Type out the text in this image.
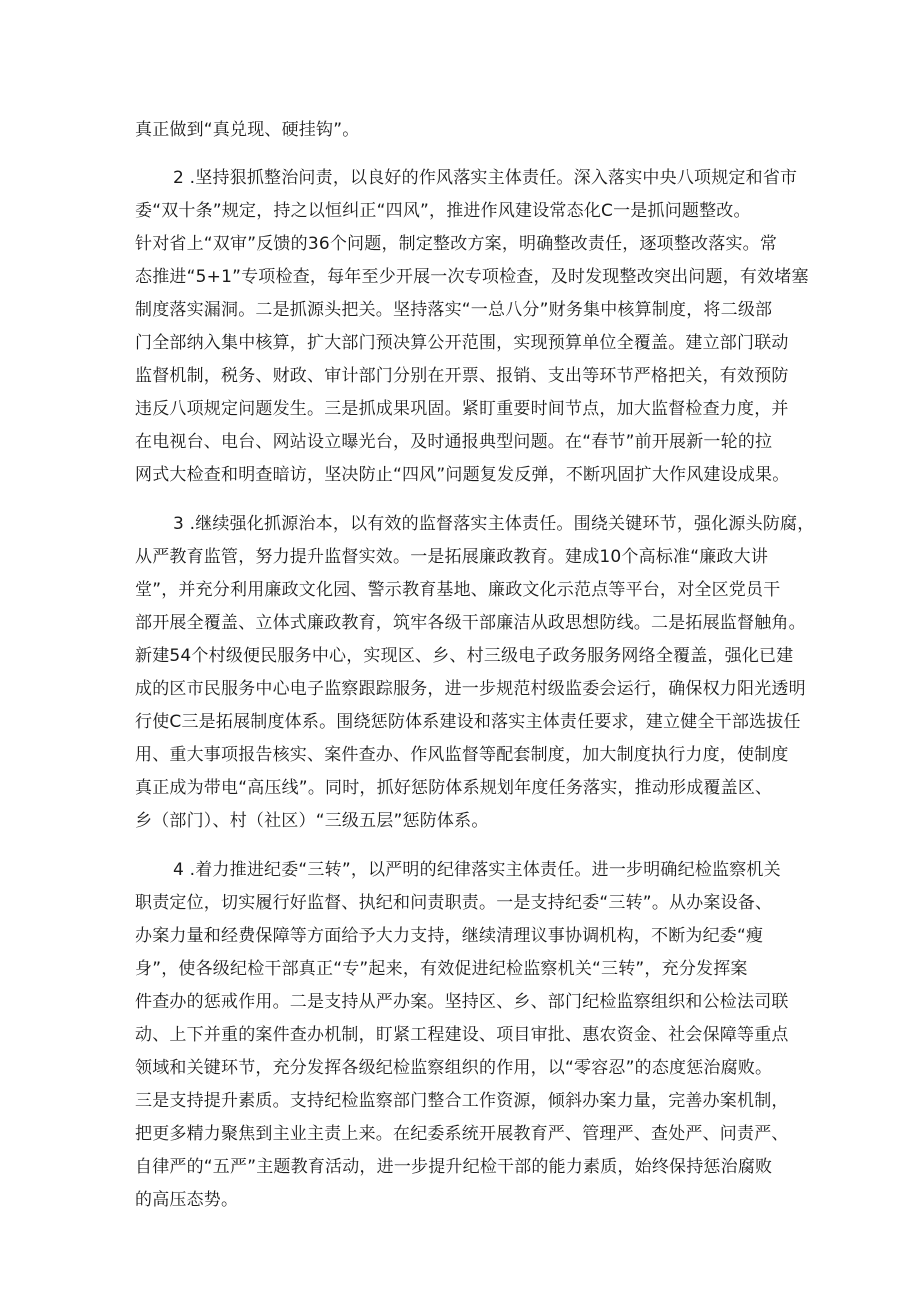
真正做到“真兑现、硬挂钩”。
2 .坚持狠抓整治问责，以良好的作风落实主体责任。深入落实中央八项规定和省市
委“双十条”规定，持之以恒纠正“四风”，推进作风建设常态化C一是抓问题整改。
针对省上“双审”反馈的36个问题，制定整改方案，明确整改责任，逐项整改落实。常
态推进“5+1”专项检查，每年至少开展一次专项检查，及时发现整改突出问题，有效堵塞
制度落实漏洞。二是抓源头把关。坚持落实“一总八分”财务集中核算制度，将二级部
门全部纳入集中核算，扩大部门预决算公开范围，实现预算单位全覆盖。建立部门联动
监督机制，税务、财政、审计部门分别在开票、报销、支出等环节严格把关，有效预防
违反八项规定问题发生。三是抓成果巩固。紧盯重要时间节点，加大监督检查力度，并
在电视台、电台、网站设立曝光台，及时通报典型问题。在“春节”前开展新一轮的拉
网式大检查和明查暗访，坚决防止“四风”问题复发反弹，不断巩固扩大作风建设成果。
3 .继续强化抓源治本，以有效的监督落实主体责任。围绕关键环节，强化源头防腐，
从严教育监管，努力提升监督实效。一是拓展廉政教育。建成10个高标准“廉政大讲
堂”，并充分利用廉政文化园、警示教育基地、廉政文化示范点等平台，对全区党员干
部开展全覆盖、立体式廉政教育，筑牢各级干部廉洁从政思想防线。二是拓展监督触角。
新建54个村级便民服务中心，实现区、乡、村三级电子政务服务网络全覆盖，强化已建
成的区市民服务中心电子监察跟踪服务，进一步规范村级监委会运行，确保权力阳光透明
行使C三是拓展制度体系。围绕惩防体系建设和落实主体责任要求，建立健全干部选拔任
用、重大事项报告核实、案件查办、作风监督等配套制度，加大制度执行力度，使制度
真正成为带电“高压线”。同时，抓好惩防体系规划年度任务落实，推动形成覆盖区、
乡（部门）、村（社区）“三级五层”惩防体系。
4 .着力推进纪委“三转”，以严明的纪律落实主体责任。进一步明确纪检监察机关
职责定位，切实履行好监督、执纪和问责职责。一是支持纪委“三转”。从办案设备、
办案力量和经费保障等方面给予大力支持，继续清理议事协调机构，不断为纪委“瘦
身”，使各级纪检干部真正“专”起来，有效促进纪检监察机关“三转”，充分发挥案
件查办的惩戒作用。二是支持从严办案。坚持区、乡、部门纪检监察组织和公检法司联
动、上下并重的案件查办机制，盯紧工程建设、项目审批、惠农资金、社会保障等重点
领域和关键环节，充分发挥各级纪检监察组织的作用，以“零容忍”的态度惩治腐败。
三是支持提升素质。支持纪检监察部门整合工作资源，倾斜办案力量，完善办案机制，
把更多精力聚焦到主业主责上来。在纪委系统开展教育严、管理严、查处严、问责严、
自律严的“五严”主题教育活动，进一步提升纪检干部的能力素质，始终保持惩治腐败
的高压态势。
